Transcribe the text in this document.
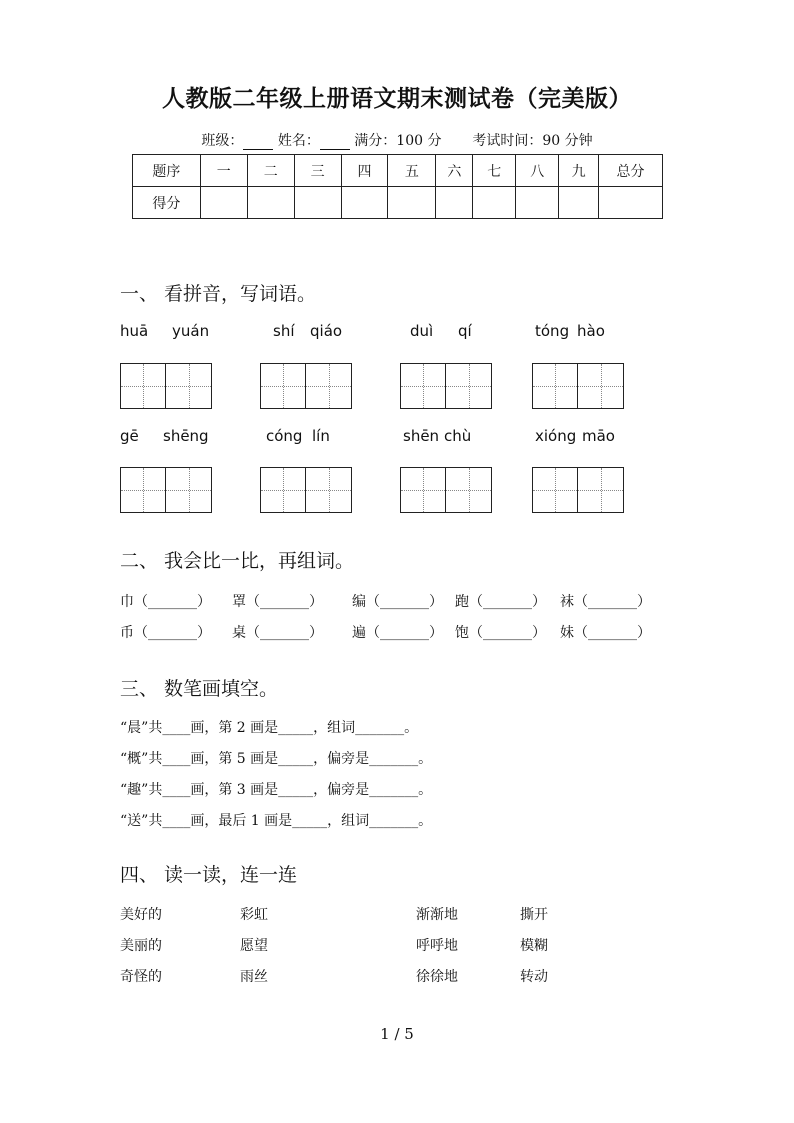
人教版二年级上册语文期末测试卷（完美版）
班级： 姓名： 满分：100 分 考试时间：90 分钟
题序	一	二	三	四	五	六	七	八	九	总分
得分										
一、 看拼音，写词语。
huā yuán	shí qiáo	duì qí	tóng hào
gē shēng	cóng lín	shēn chù	xióng māo
二、 我会比一比，再组词。
巾（_______） 罩（_______） 编（_______） 跑（_______） 袜（_______）
币（_______） 桌（_______） 遍（_______） 饱（_______） 妹（_______）
三、 数笔画填空。
“晨”共____画，第 2 画是_____，组词_______。
“概”共____画，第 5 画是_____，偏旁是_______。
“趣”共____画，第 3 画是_____，偏旁是_______。
“送”共____画，最后 1 画是_____，组词_______。
四、 读一读，连一连
美好的	彩虹	渐渐地	撕开
美丽的	愿望	呼呼地	模糊
奇怪的	雨丝	徐徐地	转动
1 / 5
